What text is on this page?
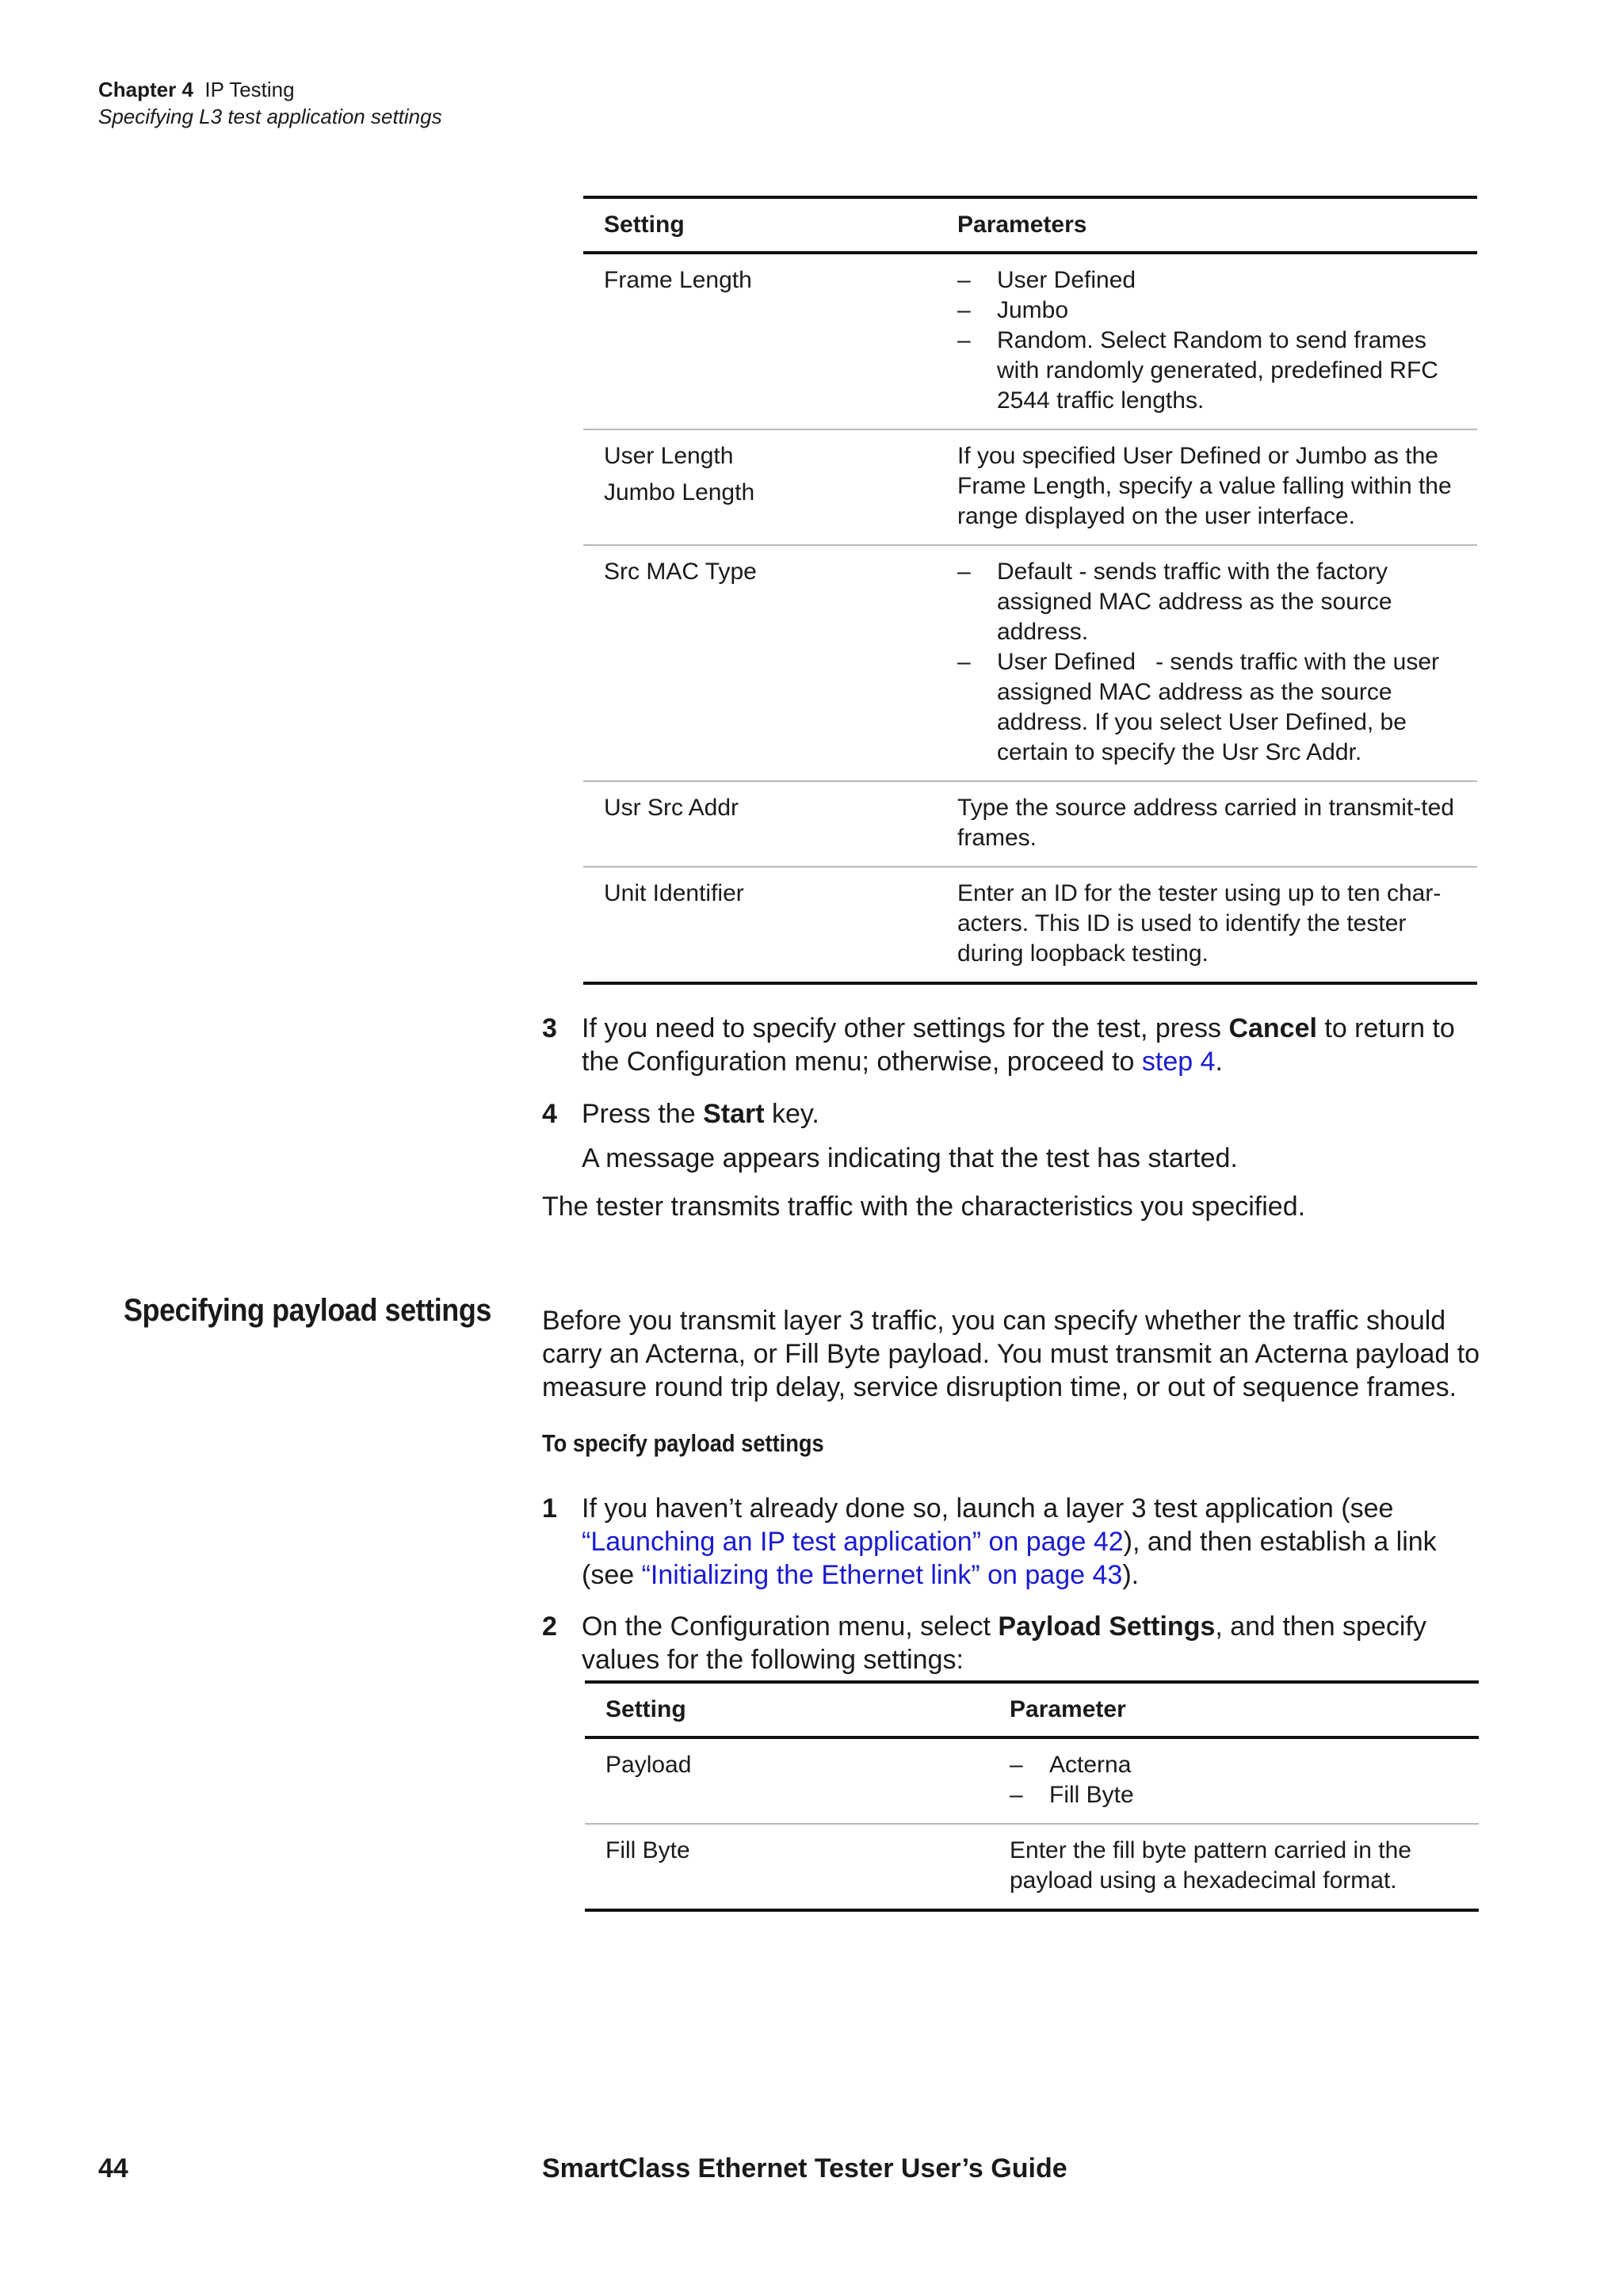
Chapter 4 IP Testing
Specifying L3 test application settings
Setting	Parameters

Frame Length	– User Defined

– Jumbo

– Random. Select Random to send frames with randomly generated, predefined RFC 2544 traffic lengths.

User Length

Jumbo Length	If you specified User Defined or Jumbo as the Frame Length, specify a value falling within the range displayed on the user interface.

Src MAC Type	– Default - sends traffic with the factory assigned MAC address as the source address.

– User Defined   - sends traffic with the user assigned MAC address as the source address. If you select User Defined, be certain to specify the Usr Src Addr.

Usr Src Addr	Type the source address carried in transmit-ted frames.

Unit Identifier	Enter an ID for the tester using up to ten char-acters. This ID is used to identify the tester during loopback testing.
3 If you need to specify other settings for the test, press Cancel to return to the Configuration menu; otherwise, proceed to step 4.
4 Press the Start key.
A message appears indicating that the test has started.
The tester transmits traffic with the characteristics you specified.
Specifying payload settings Before you transmit layer 3 traffic, you can specify whether the traffic should carry an Acterna, or Fill Byte payload. You must transmit an Acterna payload to measure round trip delay, service disruption time, or out of sequence frames.
To specify payload settings
1 If you haven’t already done so, launch a layer 3 test application (see “Launching an IP test application” on page 42), and then establish a link (see “Initializing the Ethernet link” on page 43).
2 On the Configuration menu, select Payload Settings, and then specify values for the following settings:
Setting	Parameter

Payload	– Acterna

– Fill Byte

Fill Byte	Enter the fill byte pattern carried in the payload using a hexadecimal format.
44	SmartClass Ethernet Tester User’s Guide
